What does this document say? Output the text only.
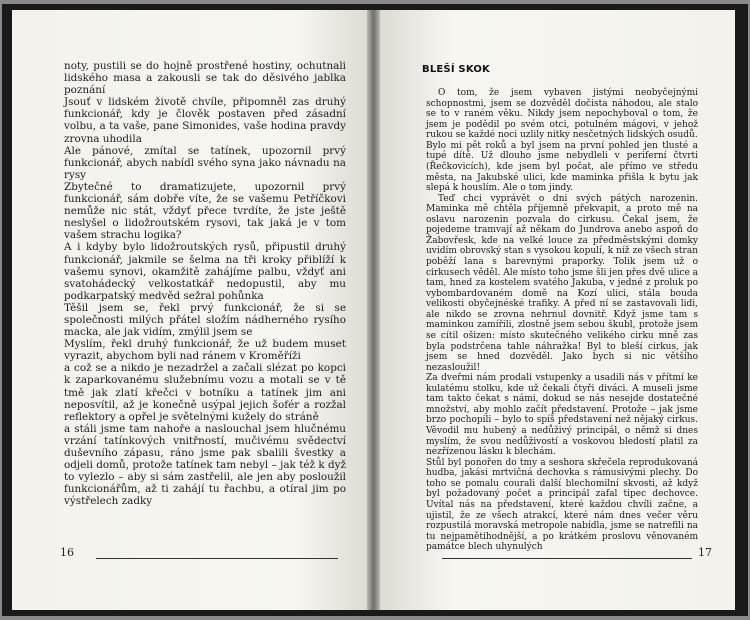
noty, pustili se do hojně prostřené hostiny, ochutnali lidského masa a zakousli se tak do děsivého jablka poznání

Jsouť v lidském životě chvíle, připomněl zas druhý funkcionář, kdy je člověk postaven před zásadní volbu, a ta vaše, pane Simonides, vaše hodina pravdy zrovna uhodila

Ale pánové, zmítal se tatínek, upozornil prvý funkcionář, abych nabídl svého syna jako návnadu na rysy

Zbytečné to dramatizujete, upozornil prvý funkcionář, sám dobře víte, že se vašemu Petříčkovi nemůže nic stát, vždyť přece tvrdíte, že jste ještě neslyšel o lidožroutském rysovi, tak jaká je v tom vašem strachu logika?

A i kdyby bylo lidožroutských rysů, připustil druhý funkcionář, jakmile se šelma na tři kroky přiblíží k vašemu synovi, okamžitě zahájíme palbu, vždyť ani svatohádecký velkostatkář nedopustil, aby mu podkarpatský medvěd sežral pohůnka

Těšil jsem se, řekl prvý funkcionář, že si se společnosti milých přátel složím nádherného rysího macka, ale jak vidím, zmýlil jsem se

Myslím, řekl druhý funkcionář, že už budem muset vyrazit, abychom byli nad ránem v Kroměříži

a což se a nikdo je nezadržel a začali slézat po kopci k zaparkovanému služebnímu vozu a motali se v tě tmě jak zlatí křečci v botníku a tatínek jim ani neposvítil, až je konečně usýpal jejich šofér a rozžal reflektory a opřel je světelnými kužely do stráně

a stáli jsme tam nahoře a naslouchal jsem hlučnému vrzání tatínkových vnitřností, mučivému svědectví duševního zápasu, ráno jsme pak sbalili švestky a odjeli domů, protože tatínek tam nebyl – jak též k dyž to vylezlo – aby si sám zastřelil, ale jen aby posloužil funkcionářům, až ti zahájí tu řachbu, a otíral jim po výstřelech zadky

16
BLEŠÍ SKOK

O tom, že jsem vybaven jistými neobyčejnými schopnostmi, jsem se dozvěděl dočista náhodou, ale stalo se to v raném věku. Nikdy jsem nepochyboval o tom, že jsem je podědil po svém otci, potulném mágovi, v jehož rukou se každé noci uzlily nitky nesčetných lidských osudů.

Bylo mi pět roků a byl jsem na první pohled jen tlusté a tupé dítě. Už dlouho jsme nebydleli v periferní čtvrti (Řečkovicích), kde jsem byl počat, ale přímo ve středu města, na Jakubské ulici, kde maminka přišla k bytu jak slepá k houslím. Ale o tom jindy.

Teď chci vyprávět o dni svých pátých narozenin. Maminka mě chtěla příjemně překvapit, a proto mě na oslavu narozenin pozvala do cirkusu. Čekal jsem, že pojedeme tramvají až někam do Jundrova anebo aspoň do Žabovřesk, kde na velké louce za předměstskými domky uvidím obrovský stan s vysokou kopulí, k níž ze všech stran poběží lana s barevnými praporky. Tolik jsem už o cirkusech věděl. Ale místo toho jsme šli jen přes dvě ulice a tam, hned za kostelem svatého Jakuba, v jedné z proluk po vybombardovaném domě na Kozí ulici, stála bouda velikosti obyčejnéské trafiky. A před ní se zastavovali lidi, ale nikdo se zrovna nehrnul dovnitř. Když jsme tam s maminkou zamířili, zlostně jsem sebou škubl, protože jsem se cítil ošizen: místo skutečného velikého cirku mně zas byla podstrčena tahle náhražka! Byl to bleší cirkus, jak jsem se hned dozvěděl. Jako bych si nic většího nezasloužil!

Za dveřmi nám prodali vstupenky a usadili nás v přítmí ke kulatému stolku, kde už čekali čtyři diváci. A museli jsme tam takto čekat s námi, dokud se nás nesejde dostatečné množství, aby mohlo začít představení. Protože – jak jsme brzo pochopili – bylo to spíš představení než nějaký cirkus. Věvodil mu hubený a nedůživý principál, o němž si dnes myslím, že svou nedůživostí a voskovou bledostí platil za nezřízenou lásku k blechám.

Stůl byl ponořen do tmy a seshora skřečela reprodukovaná hudba, jakási mrtvičná dechovka s rámusivými plechy. Do toho se pomalu courali další blechomilní skvosti, až když byl požadovaný počet a principál zafal tipec dechovce. Uvítal nás na představení, které každou chvíli začne, a ujistil, že ze všech atrakcí, které nám dnes večer věru rozpustilá moravská metropole nabídla, jsme se natrefili na tu nejpamětihodnější, a po krátkém proslovu věnovaném památce blech uhynulých	17
